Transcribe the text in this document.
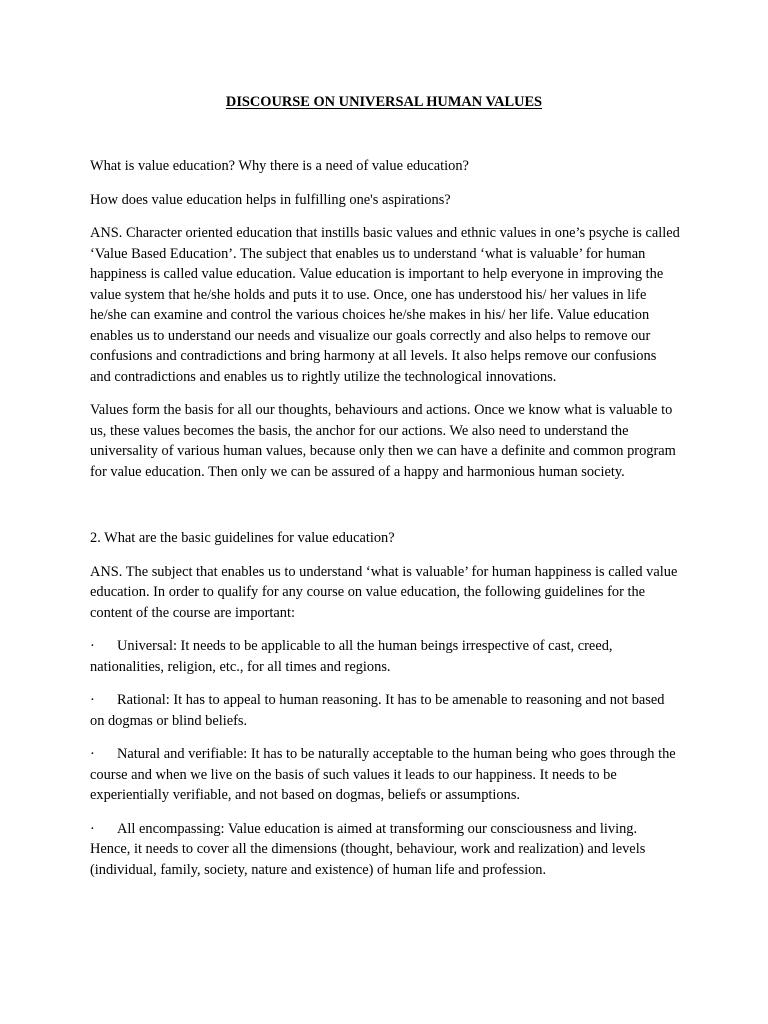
DISCOURSE ON UNIVERSAL HUMAN VALUES

What is value education? Why there is a need of value education?

How does value education helps in fulfilling one's aspirations?

ANS. Character oriented education that instills basic values and ethnic values in one’s psyche is called ‘Value Based Education’. The subject that enables us to understand ‘what is valuable’ for human happiness is called value education. Value education is important to help everyone in improving the value system that he/she holds and puts it to use. Once, one has understood his/ her values in life he/she can examine and control the various choices he/she makes in his/ her life. Value education enables us to understand our needs and visualize our goals correctly and also helps to remove our confusions and contradictions and bring harmony at all levels. It also helps remove our confusions and contradictions and enables us to rightly utilize the technological innovations.

Values form the basis for all our thoughts, behaviours and actions. Once we know what is valuable to us, these values becomes the basis, the anchor for our actions. We also need to understand the universality of various human values, because only then we can have a definite and common program for value education. Then only we can be assured of a happy and harmonious human society.

2. What are the basic guidelines for value education?

ANS. The subject that enables us to understand ‘what is valuable’ for human happiness is called value education. In order to qualify for any course on value education, the following guidelines for the content of the course are important:

· Universal: It needs to be applicable to all the human beings irrespective of cast, creed, nationalities, religion, etc., for all times and regions.

· Rational: It has to appeal to human reasoning. It has to be amenable to reasoning and not based on dogmas or blind beliefs.

· Natural and verifiable: It has to be naturally acceptable to the human being who goes through the course and when we live on the basis of such values it leads to our happiness. It needs to be experientially verifiable, and not based on dogmas, beliefs or assumptions.

· All encompassing: Value education is aimed at transforming our consciousness and living. Hence, it needs to cover all the dimensions (thought, behaviour, work and realization) and levels (individual, family, society, nature and existence) of human life and profession.
